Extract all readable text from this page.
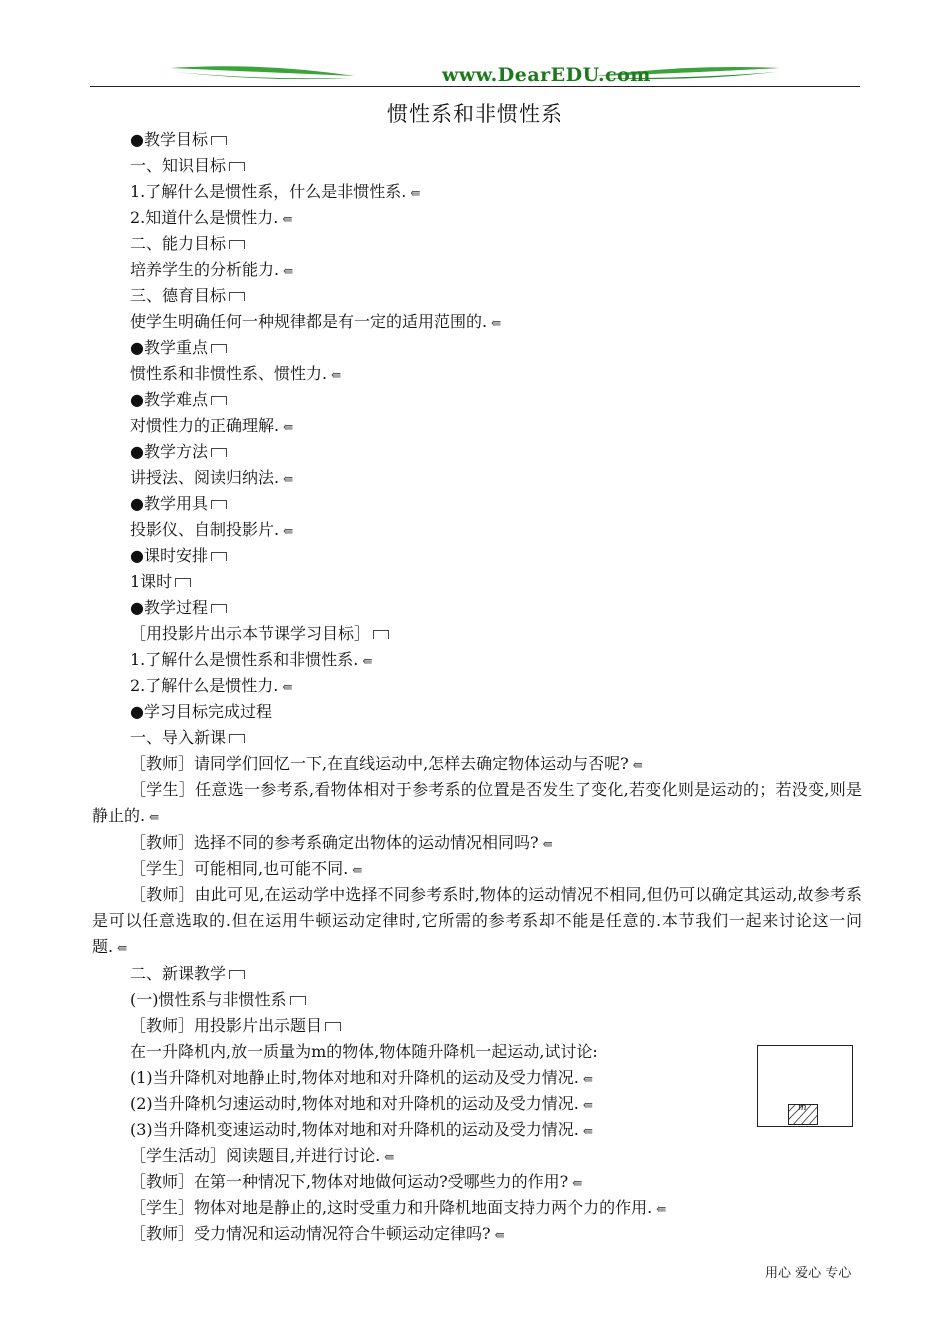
www.DearEDU.com
惯性系和非惯性系
●教学目标
一、知识目标
1.了解什么是惯性系，什么是非惯性系. ⇚
2.知道什么是惯性力. ⇚
二、能力目标
培养学生的分析能力. ⇚
三、德育目标
使学生明确任何一种规律都是有一定的适用范围的. ⇚
●教学重点
惯性系和非惯性系、惯性力. ⇚
●教学难点
对惯性力的正确理解. ⇚
●教学方法
讲授法、阅读归纳法. ⇚
●教学用具
投影仪、自制投影片. ⇚
●课时安排
1课时
●教学过程
［用投影片出示本节课学习目标］
1.了解什么是惯性系和非惯性系. ⇚
2.了解什么是惯性力. ⇚
●学习目标完成过程
一、导入新课
［教师］请同学们回忆一下,在直线运动中,怎样去确定物体运动与否呢? ⇚
［学生］任意选一参考系,看物体相对于参考系的位置是否发生了变化,若变化则是运动的；若没变,则是静止的. ⇚
［教师］选择不同的参考系确定出物体的运动情况相同吗? ⇚
［学生］可能相同,也可能不同. ⇚
［教师］由此可见,在运动学中选择不同参考系时,物体的运动情况不相同,但仍可以确定其运动,故参考系是可以任意选取的.但在运用牛顿运动定律时,它所需的参考系却不能是任意的.本节我们一起来讨论这一问题. ⇚
二、新课教学
(一)惯性系与非惯性系
［教师］用投影片出示题目
在一升降机内,放一质量为m的物体,物体随升降机一起运动,试讨论:
(1)当升降机对地静止时,物体对地和对升降机的运动及受力情况. ⇚
(2)当升降机匀速运动时,物体对地和对升降机的运动及受力情况. ⇚
(3)当升降机变速运动时,物体对地和对升降机的运动及受力情况. ⇚
［学生活动］阅读题目,并进行讨论. ⇚
［教师］在第一种情况下,物体对地做何运动?受哪些力的作用? ⇚
［学生］物体对地是静止的,这时受重力和升降机地面支持力两个力的作用. ⇚
［教师］受力情况和运动情况符合牛顿运动定律吗? ⇚
m
用心 爱心 专心
